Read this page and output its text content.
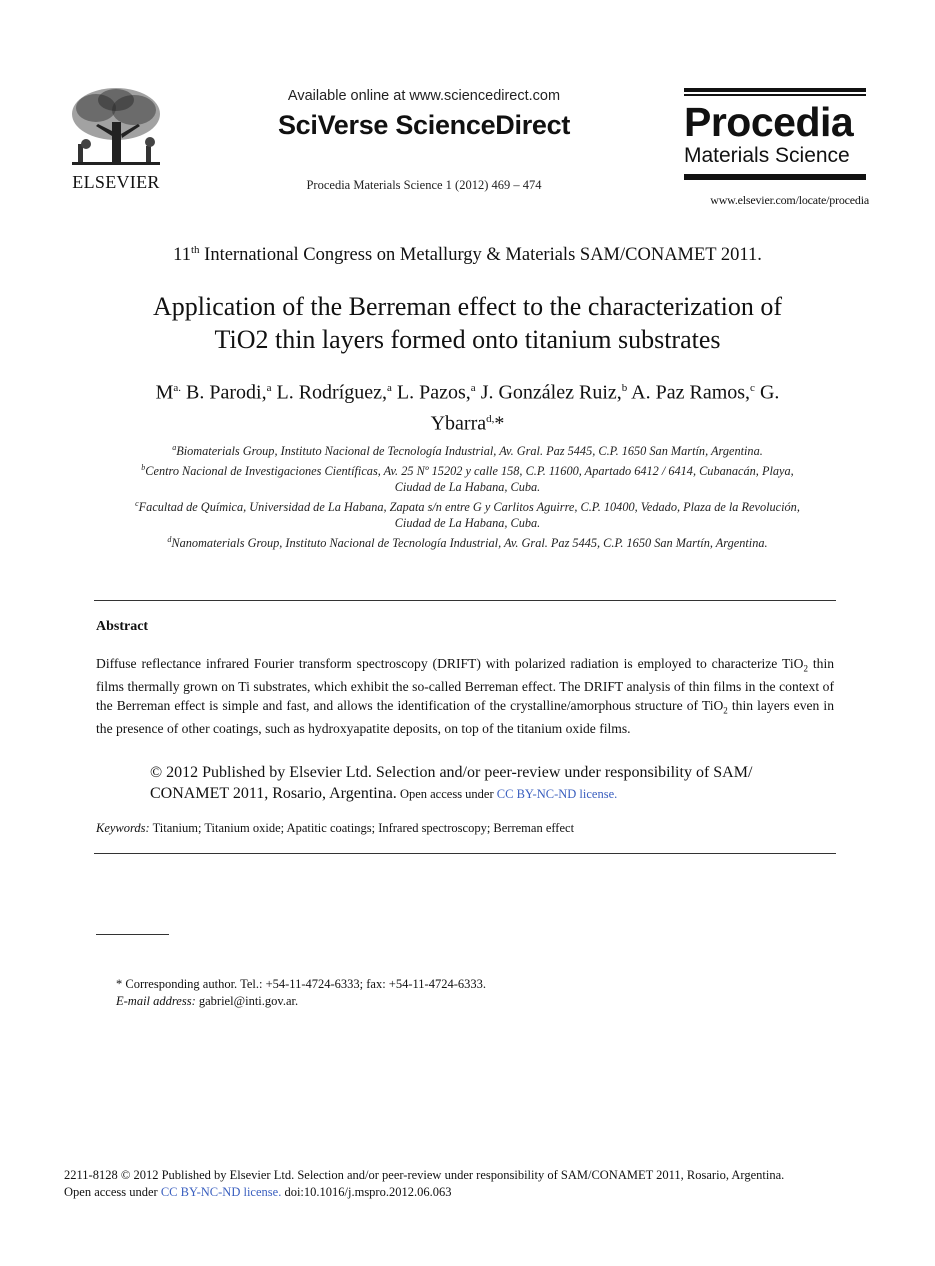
ELSEVIER
Available online at www.sciencedirect.com
SciVerse ScienceDirect
Procedia Materials Science 1 (2012) 469 – 474
Procedia
Materials Science
www.elsevier.com/locate/procedia
11th International Congress on Metallurgy & Materials SAM/CONAMET 2011.
Application of the Berreman effect to the characterization of
TiO2 thin layers formed onto titanium substrates
$M^{a.}$ B. Parodi,$^a$ L. Rodríguez,$^a$ L. Pazos,$^a$ J. González Ruiz,$^b$ A. Paz Ramos,$^c$ G.
Ybarra$^{d,}$*
$^a$Biomaterials Group, Instituto Nacional de Tecnología Industrial, Av. Gral. Paz 5445, C.P. 1650 San Martín, Argentina.
$^b$Centro Nacional de Investigaciones Científicas, Av. 25 Nº 15202 y calle 158, C.P. 11600, Apartado 6412 / 6414, Cubanacán, Playa,
Ciudad de La Habana, Cuba.
$^c$Facultad de Química, Universidad de La Habana, Zapata s/n entre G y Carlitos Aguirre, C.P. 10400, Vedado, Plaza de la Revolución,
Ciudad de La Habana, Cuba.
$^d$Nanomaterials Group, Instituto Nacional de Tecnología Industrial, Av. Gral. Paz 5445, C.P. 1650 San Martín, Argentina.
Abstract
Diffuse reflectance infrared Fourier transform spectroscopy (DRIFT) with polarized radiation is employed to characterize TiO$_2$ thin films thermally grown on Ti substrates, which exhibit the so-called Berreman effect. The DRIFT analysis of thin films in the context of the Berreman effect is simple and fast, and allows the identification of the crystalline/amorphous structure of TiO$_2$ thin layers even in the presence of other coatings, such as hydroxyapatite deposits, on top of the titanium oxide films.
© 2012 Published by Elsevier Ltd. Selection and/or peer-review under responsibility of SAM/ CONAMET 2011, Rosario, Argentina. Open access under CC BY-NC-ND license.
Keywords: Titanium; Titanium oxide; Apatitic coatings; Infrared spectroscopy; Berreman effect
* Corresponding author. Tel.: +54-11-4724-6333; fax: +54-11-4724-6333.
E-mail address: gabriel@inti.gov.ar.
2211-8128 © 2012 Published by Elsevier Ltd. Selection and/or peer-review under responsibility of SAM/CONAMET 2011, Rosario, Argentina.
Open access under CC BY-NC-ND license. doi:10.1016/j.mspro.2012.06.063
